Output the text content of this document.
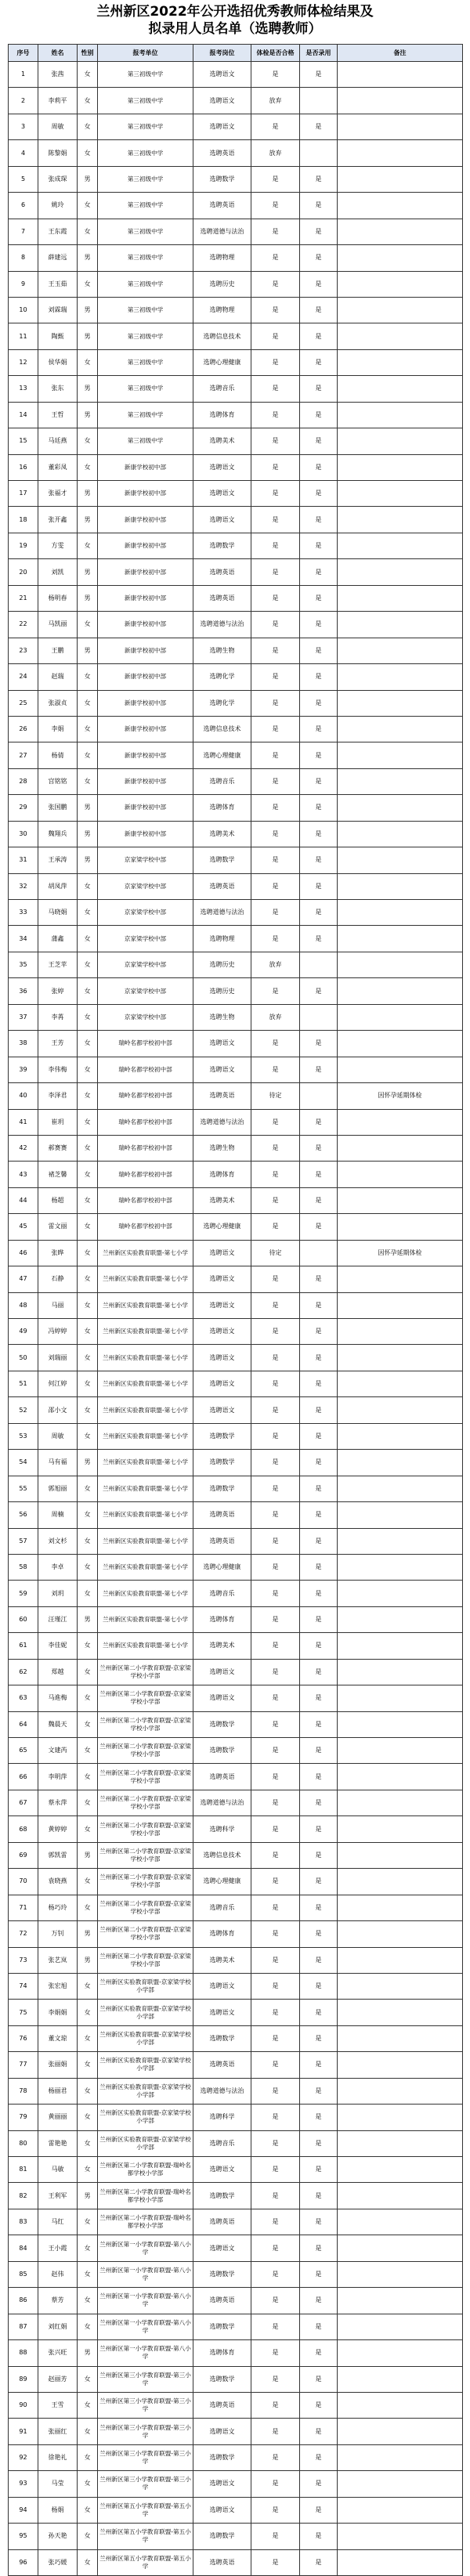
兰州新区2022年公开选招优秀教师体检结果及
拟录用人员名单（选聘教师）
序号	姓名	性别	报考单位	报考岗位	体检是否合格	是否录用	备注
1	张茜	女	第三初级中学	选聘语文	是	是	
2	李莉平	女	第三初级中学	选聘语文	放弃		
3	周敏	女	第三初级中学	选聘语文	是	是	
4	陈黎娟	女	第三初级中学	选聘英语	放弃		
5	张成琛	男	第三初级中学	选聘数学	是	是	
6	姚玲	女	第三初级中学	选聘英语	是	是	
7	王东霞	女	第三初级中学	选聘道德与法治	是	是	
8	薛建远	男	第三初级中学	选聘物理	是	是	
9	王玉茹	女	第三初级中学	选聘历史	是	是	
10	刘霖瑞	男	第三初级中学	选聘物理	是	是	
11	陶甄	男	第三初级中学	选聘信息技术	是	是	
12	侯华娟	女	第三初级中学	选聘心理健康	是	是	
13	张东	男	第三初级中学	选聘音乐	是	是	
14	王哲	男	第三初级中学	选聘体育	是	是	
15	马廷燕	女	第三初级中学	选聘美术	是	是	
16	董彩凤	女	新康学校初中部	选聘语文	是	是	
17	张福才	男	新康学校初中部	选聘语文	是	是	
18	张开鑫	男	新康学校初中部	选聘语文	是	是	
19	方雯	女	新康学校初中部	选聘数学	是	是	
20	刘凯	男	新康学校初中部	选聘英语	是	是	
21	杨明春	男	新康学校初中部	选聘英语	是	是	
22	马凯丽	女	新康学校初中部	选聘道德与法治	是	是	
23	王鹏	男	新康学校初中部	选聘生物	是	是	
24	赵瑞	女	新康学校初中部	选聘化学	是	是	
25	张淑贞	女	新康学校初中部	选聘化学	是	是	
26	李娟	女	新康学校初中部	选聘信息技术	是	是	
27	杨倩	女	新康学校初中部	选聘心理健康	是	是	
28	宫铭铭	女	新康学校初中部	选聘音乐	是	是	
29	张国鹏	男	新康学校初中部	选聘体育	是	是	
30	魏翔兵	男	新康学校初中部	选聘美术	是	是	
31	王承涛	男	京家梁学校中部	选聘数学	是	是	
32	胡凤萍	女	京家梁学校中部	选聘英语	是	是	
33	马晓娟	女	京家梁学校中部	选聘道德与法治	是	是	
34	蒲鑫	女	京家梁学校中部	选聘物理	是	是	
35	王芝苹	女	京家梁学校中部	选聘历史	放弃		
36	张婷	女	京家梁学校中部	选聘历史	是	是	
37	李苒	女	京家梁学校中部	选聘生物	放弃		
38	王芳	女	瑞岭名都学校初中部	选聘语文	是	是	
39	李伟梅	女	瑞岭名都学校初中部	选聘语文	是	是	
40	李泽君	女	瑞岭名都学校初中部	选聘英语	待定		因怀孕延期体检
41	崔玥	女	瑞岭名都学校初中部	选聘道德与法治	是	是	
42	郝赛赛	女	瑞岭名都学校初中部	选聘生物	是	是	
43	褚芝馨	女	瑞岭名都学校初中部	选聘体育	是	是	
44	杨超	女	瑞岭名都学校初中部	选聘美术	是	是	
45	雷文丽	女	瑞岭名都学校初中部	选聘心理健康	是	是	
46	张晔	女	兰州新区实验教育联盟-第七小学	选聘语文	待定		因怀孕延期体检
47	石静	女	兰州新区实验教育联盟-第七小学	选聘语文	是	是	
48	马丽	女	兰州新区实验教育联盟-第七小学	选聘语文	是	是	
49	冯婷婷	女	兰州新区实验教育联盟-第七小学	选聘语文	是	是	
50	刘瑞丽	女	兰州新区实验教育联盟-第七小学	选聘语文	是	是	
51	何江婷	女	兰州新区实验教育联盟-第七小学	选聘语文	是	是	
52	邵小文	女	兰州新区实验教育联盟-第七小学	选聘语文	是	是	
53	周敏	女	兰州新区实验教育联盟-第七小学	选聘数学	是	是	
54	马有福	男	兰州新区实验教育联盟-第七小学	选聘数学	是	是	
55	郭旭丽	女	兰州新区实验教育联盟-第七小学	选聘数学	是	是	
56	周楠	女	兰州新区实验教育联盟-第七小学	选聘英语	是	是	
57	刘文杉	女	兰州新区实验教育联盟-第七小学	选聘英语	是	是	
58	李卓	女	兰州新区实验教育联盟-第七小学	选聘心理健康	是	是	
59	刘玥	女	兰州新区实验教育联盟-第七小学	选聘音乐	是	是	
60	汪瑾江	男	兰州新区实验教育联盟-第七小学	选聘体育	是	是	
61	李佳妮	女	兰州新区实验教育联盟-第七小学	选聘美术	是	是	
62	郑越	女	兰州新区第二小学教育联盟-京家梁学校小学部	选聘语文	是	是	
63	马進梅	女	兰州新区第二小学教育联盟-京家梁学校小学部	选聘语文	是	是	
64	魏晨天	女	兰州新区第二小学教育联盟-京家梁学校小学部	选聘数学	是	是	
65	文建芮	女	兰州新区第二小学教育联盟-京家梁学校小学部	选聘数学	是	是	
66	李明萍	女	兰州新区第二小学教育联盟-京家梁学校小学部	选聘英语	是	是	
67	蔡永萍	女	兰州新区第二小学教育联盟-京家梁学校小学部	选聘道德与法治	是	是	
68	黄婷婷	女	兰州新区第二小学教育联盟-京家梁学校小学部	选聘科学	是	是	
69	郭凯雷	男	兰州新区第二小学教育联盟-京家梁学校小学部	选聘信息技术	是	是	
70	袁晓燕	女	兰州新区第二小学教育联盟-京家梁学校小学部	选聘心理健康	是	是	
71	杨巧玲	女	兰州新区第二小学教育联盟-京家梁学校小学部	选聘音乐	是	是	
72	万钊	男	兰州新区第二小学教育联盟-京家梁学校小学部	选聘体育	是	是	
73	张艺岚	男	兰州新区第二小学教育联盟-京家梁学校小学部	选聘美术	是	是	
74	张宏旭	女	兰州新区实验教育联盟-京家梁学校小学部	选聘语文	是	是	
75	李娟娟	女	兰州新区实验教育联盟-京家梁学校小学部	选聘语文	是	是	
76	董文琼	女	兰州新区实验教育联盟-京家梁学校小学部	选聘数学	是	是	
77	张丽娟	女	兰州新区实验教育联盟-京家梁学校小学部	选聘英语	是	是	
78	杨丽君	女	兰州新区实验教育联盟-京家梁学校小学部	选聘道德与法治	是	是	
79	黄丽丽	女	兰州新区实验教育联盟-京家梁学校小学部	选聘科学	是	是	
80	雷艳艳	女	兰州新区实验教育联盟-京家梁学校小学部	选聘音乐	是	是	
81	马敏	女	兰州新区第二小学教育联盟-瑞岭名都学校小学部	选聘语文	是	是	
82	王利军	男	兰州新区第二小学教育联盟-瑞岭名都学校小学部	选聘数学	是	是	
83	马红	女	兰州新区第二小学教育联盟-瑞岭名都学校小学部	选聘英语	是	是	
84	王小霞	女	兰州新区第一小学教育联盟-第八小学	选聘语文	是	是	
85	赵伟	女	兰州新区第一小学教育联盟-第八小学	选聘数学	是	是	
86	蔡芳	女	兰州新区第一小学教育联盟-第八小学	选聘英语	是	是	
87	刘红娟	女	兰州新区第一小学教育联盟-第八小学	选聘数学	是	是	
88	张兴旺	男	兰州新区第一小学教育联盟-第八小学	选聘体育	是	是	
89	赵丽芳	女	兰州新区第三小学教育联盟-第三小学	选聘数学	是	是	
90	王雪	女	兰州新区第三小学教育联盟-第三小学	选聘英语	是	是	
91	张丽红	女	兰州新区第三小学教育联盟-第三小学	选聘语文	是	是	
92	徐艳礼	女	兰州新区第三小学教育联盟-第三小学	选聘数学	是	是	
93	马莹	女	兰州新区第三小学教育联盟-第三小学	选聘语文	是	是	
94	杨娟	女	兰州新区第五小学教育联盟-第五小学	选聘语文	是	是	
95	孙天艳	女	兰州新区第五小学教育联盟-第五小学	选聘数学	是	是	
96	张巧媛	女	兰州新区第五小学教育联盟-第五小学	选聘英语	是	是	
